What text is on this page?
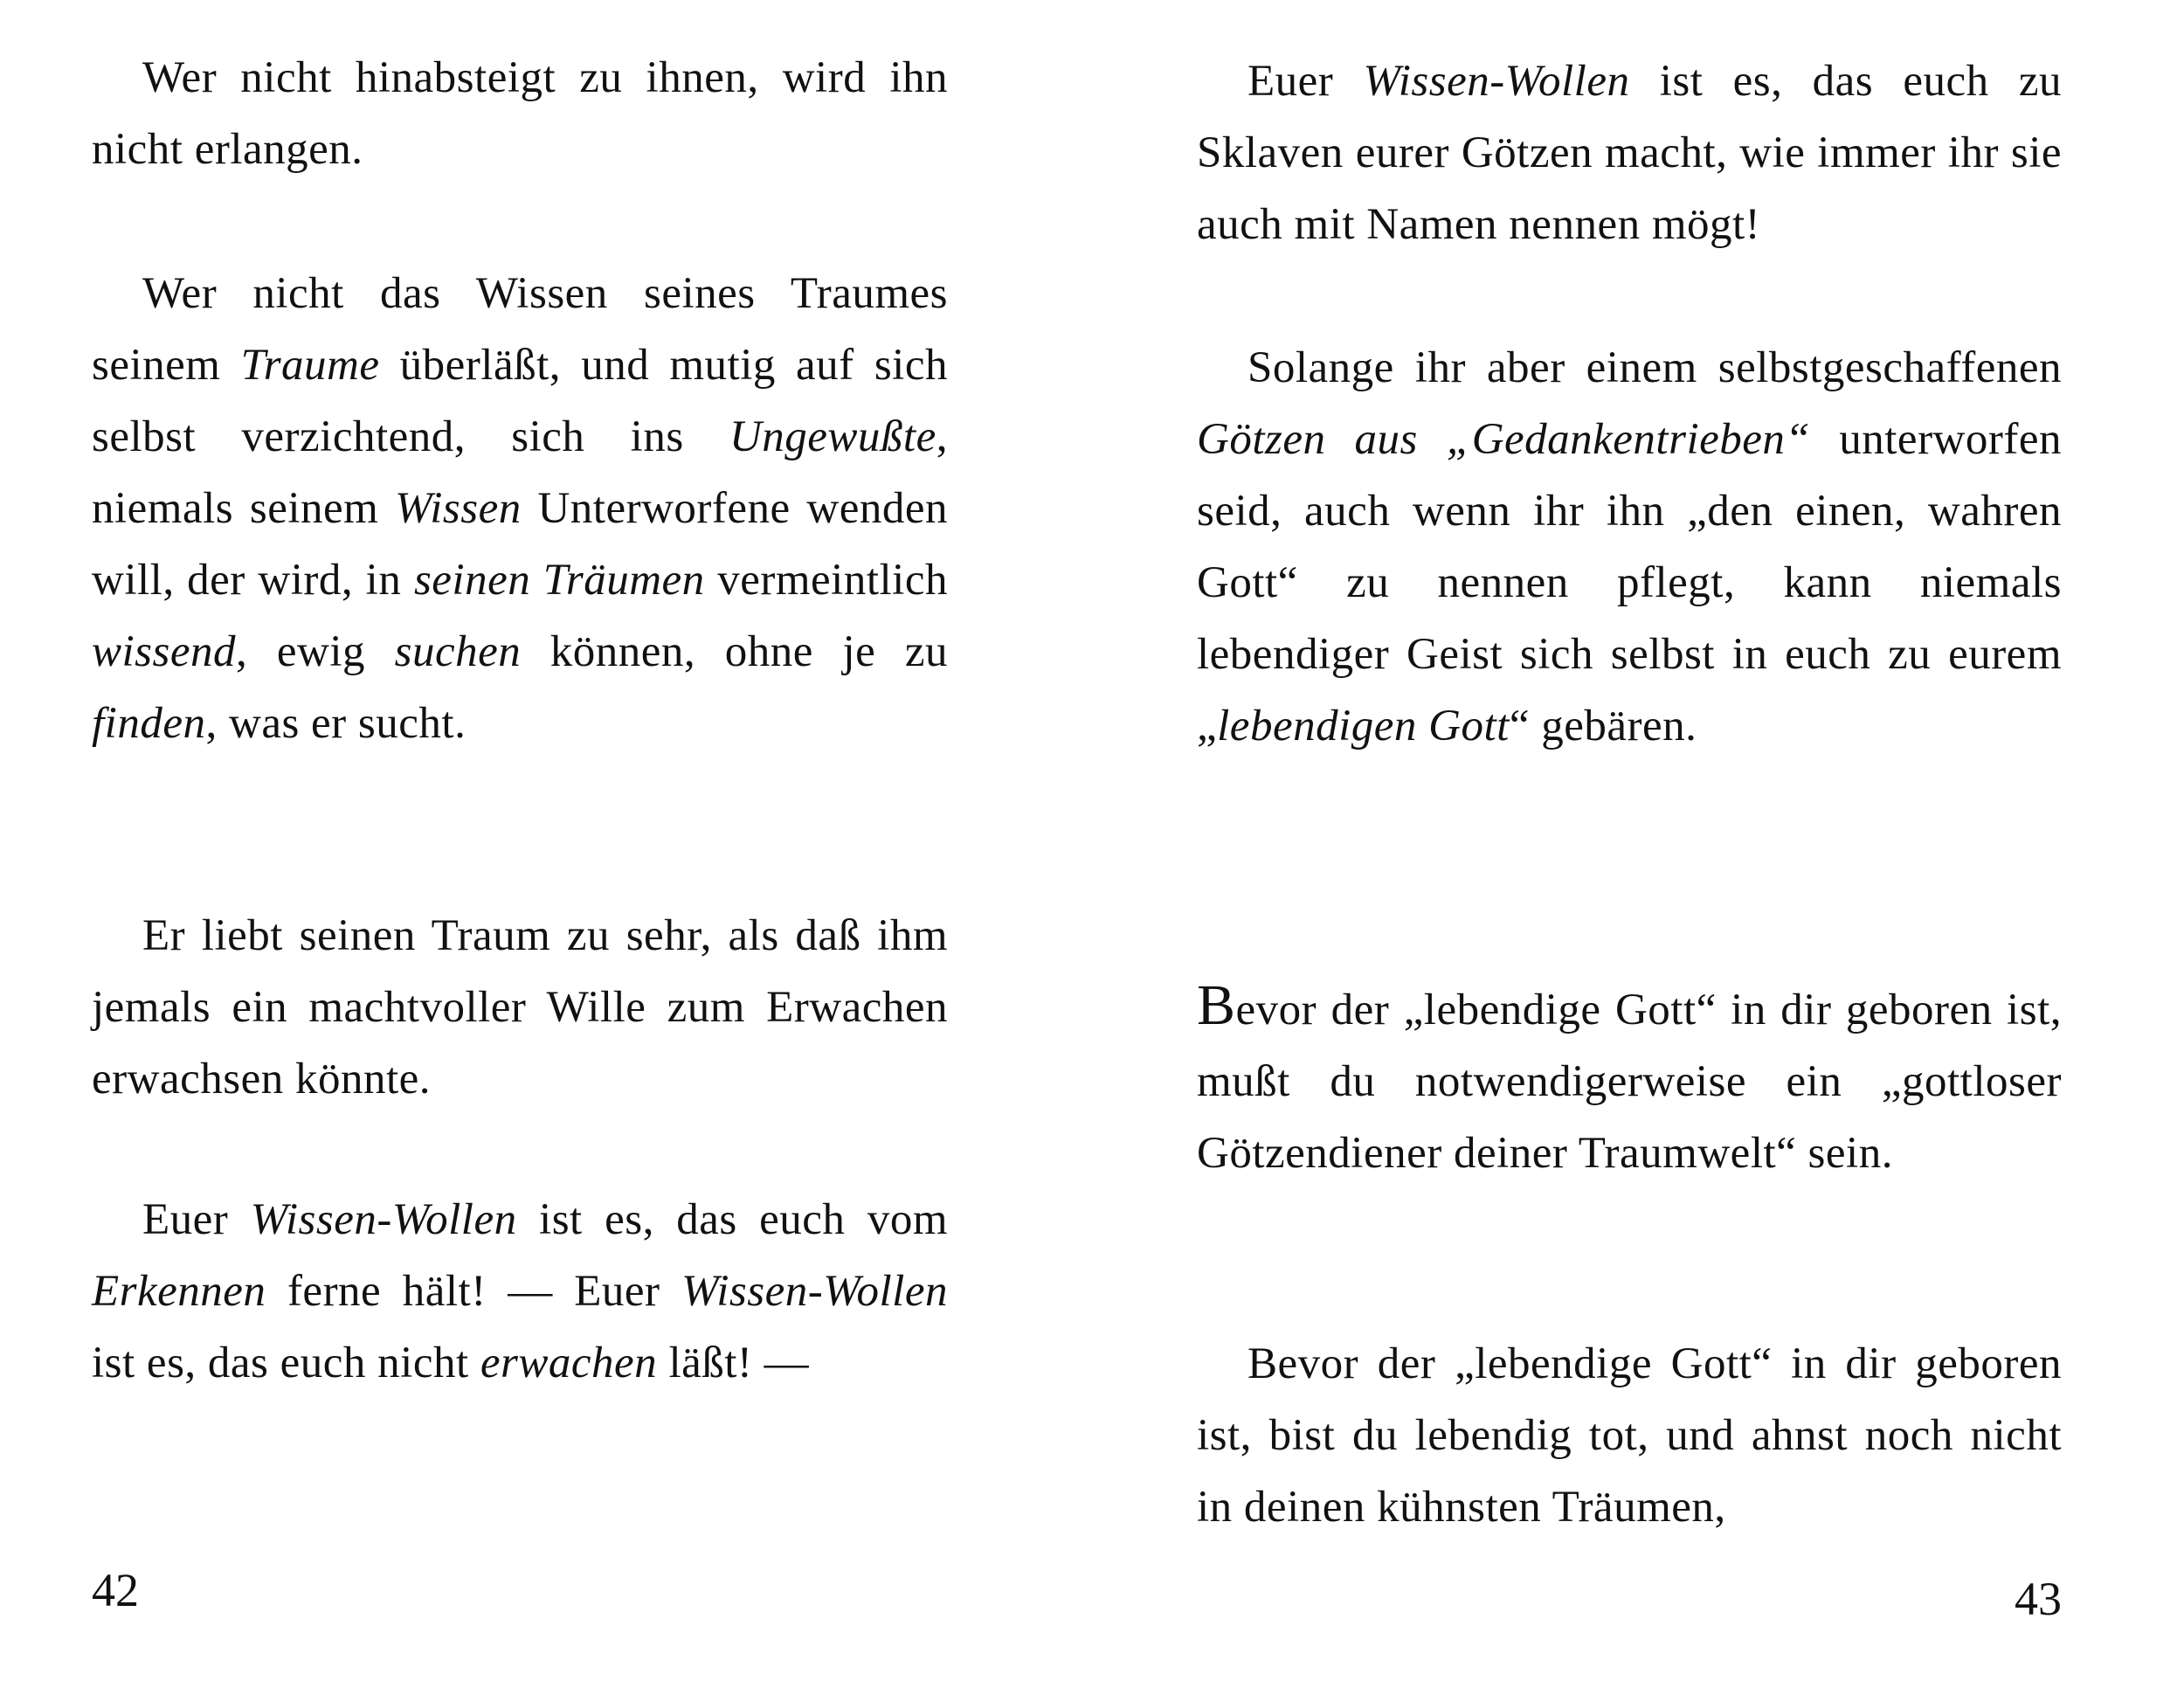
Wer nicht hinabsteigt zu ihnen, wird ihn nicht erlangen.

Wer nicht das Wissen seines Traumes seinem Traume überläßt, und mutig auf sich selbst verzichtend, sich ins Ungewußte, niemals seinem Wissen Unterworfene wenden will, der wird, in seinen Träumen vermeintlich wissend, ewig suchen können, ohne je zu finden, was er sucht.

Er liebt seinen Traum zu sehr, als daß ihm jemals ein machtvoller Wille zum Erwachen erwachsen könnte.

Euer Wissen-Wollen ist es, das euch vom Erkennen ferne hält! — Euer Wissen-Wollen ist es, das euch nicht erwachen läßt! —

42

Euer Wissen-Wollen ist es, das euch zu Sklaven eurer Götzen macht, wie immer ihr sie auch mit Namen nennen mögt!

Solange ihr aber einem selbstgeschaffenen Götzen aus „Gedankentrieben“ unterworfen seid, auch wenn ihr ihn „den einen, wahren Gott“ zu nennen pflegt, kann niemals lebendiger Geist sich selbst in euch zu eurem „lebendigen Gott“ gebären.

Bevor der „lebendige Gott“ in dir geboren ist, mußt du notwendigerweise ein „gottloser Götzendiener deiner Traumwelt“ sein.

Bevor der „lebendige Gott“ in dir geboren ist, bist du lebendig tot, und ahnst noch nicht in deinen kühnsten Träumen,

43
